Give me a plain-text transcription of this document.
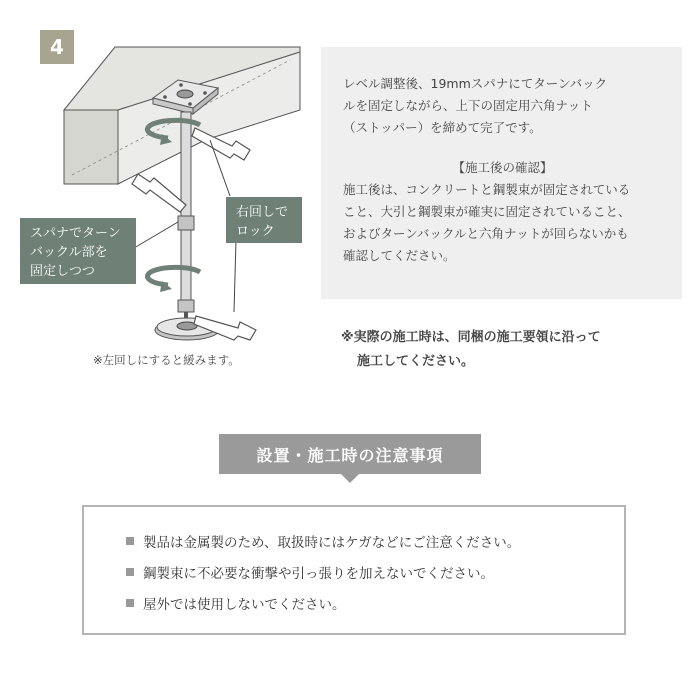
4
スパナでターン
バックル部を
固定しつつ
右回しで
ロック
※左回しにすると緩みます。

レベル調整後、19mmスパナにてターンバック
ルを固定しながら、上下の固定用六角ナット
（ストッパー）を締めて完了です。

【施工後の確認】

施工後は、コンクリートと鋼製束が固定されている
こと、大引と鋼製束が確実に固定されていること、
およびターンバックルと六角ナットが回らないかも
確認してください。

※実際の施工時は、同梱の施工要領に沿って
施工してください。
設置・施工時の注意事項
製品は金属製のため、取扱時にはケガなどにご注意ください。
鋼製束に不必要な衝撃や引っ張りを加えないでください。
屋外では使用しないでください。
